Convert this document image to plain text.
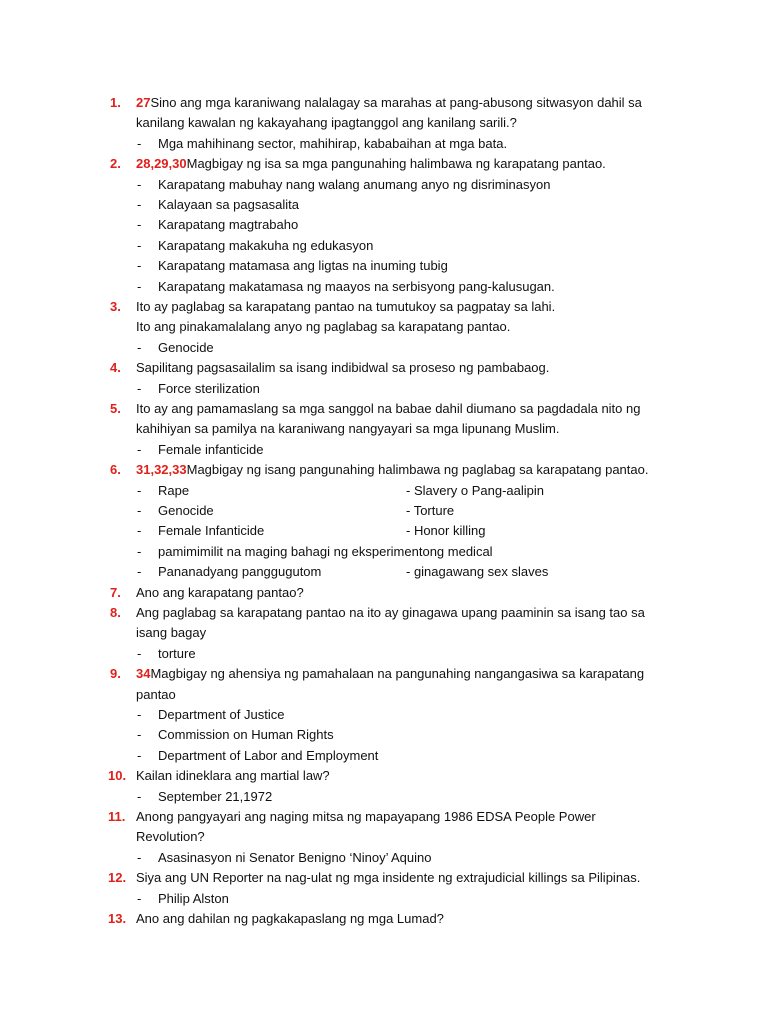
1.	27Sino ang mga karaniwang nalalagay sa marahas at pang-abusong sitwasyon dahil sa
kanilang kawalan ng kakayahang ipagtanggol ang kanilang sarili.?
- Mga mahihinang sector, mahihirap, kababaihan at mga bata.
2.	28,29,30Magbigay ng isa sa mga pangunahing halimbawa ng karapatang pantao.
- Karapatang mabuhay nang walang anumang anyo ng disriminasyon
- Kalayaan sa pagsasalita
- Karapatang magtrabaho
- Karapatang makakuha ng edukasyon
- Karapatang matamasa ang ligtas na inuming tubig
- Karapatang makatamasa ng maayos na serbisyong pang-kalusugan.
3.	Ito ay paglabag sa karapatang pantao na tumutukoy sa pagpatay sa lahi.
Ito ang pinakamalalang anyo ng paglabag sa karapatang pantao.
- Genocide
4.	Sapilitang pagsasailalim sa isang indibidwal sa proseso ng pambabaog.
- Force sterilization
5.	Ito ay ang pamamaslang sa mga sanggol na babae dahil diumano sa pagdadala nito ng
kahihiyan sa pamilya na karaniwang nangyayari sa mga lipunang Muslim.
- Female infanticide
6.	31,32,33Magbigay ng isang pangunahing halimbawa ng paglabag sa karapatang pantao.
- Rape	- Slavery o Pang-aalipin
- Genocide	- Torture
- Female Infanticide	- Honor killing
- pamimimilit na maging bahagi ng eksperimentong medical
- Pananadyang panggugutom	- ginagawang sex slaves
7.	Ano ang karapatang pantao?
8.	Ang paglabag sa karapatang pantao na ito ay ginagawa upang paaminin sa isang tao sa
isang bagay
- torture
9.	34Magbigay ng ahensiya ng pamahalaan na pangunahing nangangasiwa sa karapatang
pantao
- Department of Justice
- Commission on Human Rights
- Department of Labor and Employment
10. Kailan idineklara ang martial law?
- September 21,1972
11. Anong pangyayari ang naging mitsa ng mapayapang 1986 EDSA People Power
Revolution?
- Asasinasyon ni Senator Benigno ‘Ninoy’ Aquino
12. Siya ang UN Reporter na nag-ulat ng mga insidente ng extrajudicial killings sa Pilipinas.
- Philip Alston
13. Ano ang dahilan ng pagkakapaslang ng mga Lumad?
